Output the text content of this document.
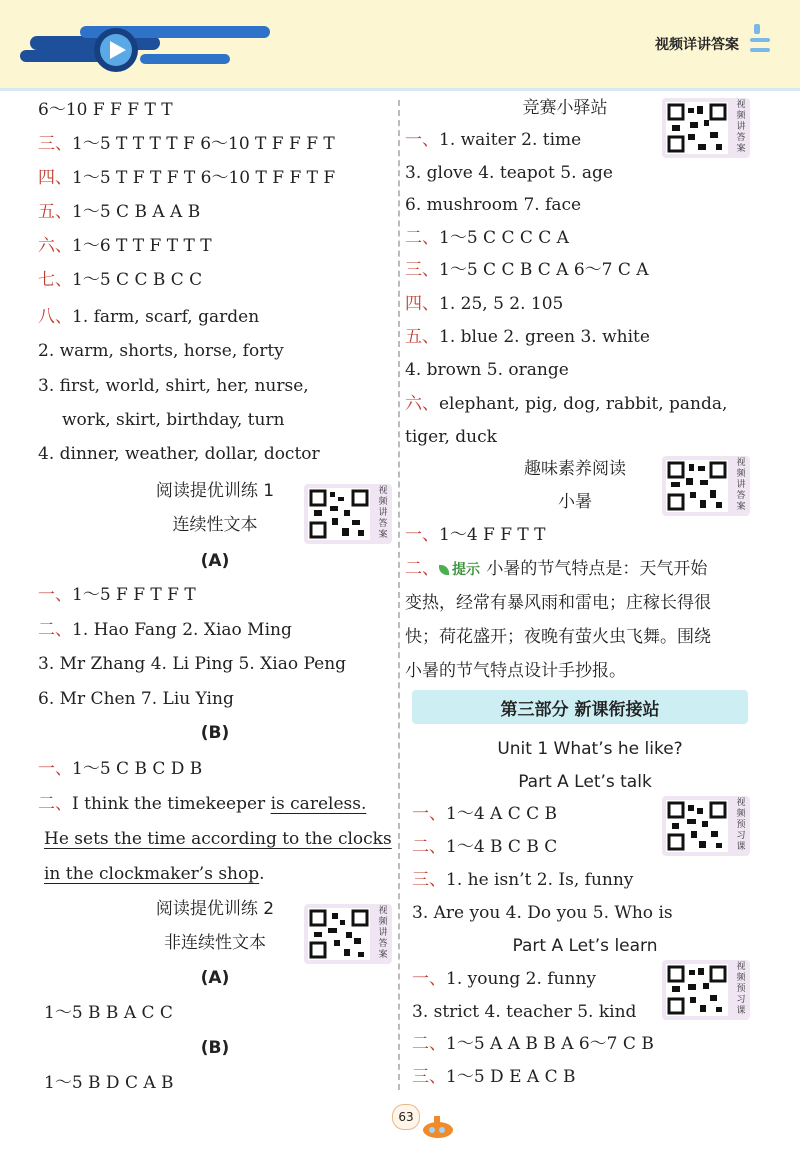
视频详讲答案
6～10 F F F T T
三、1～5 T T T T F 6～10 T F F F T
四、1～5 T F T F T 6～10 T F F T F
五、1～5 C B A A B
六、1～6 T T F T T T
七、1～5 C C B C C
八、1. farm, scarf, garden
2. warm, shorts, horse, forty
3. first, world, shirt, her, nurse,
work, skirt, birthday, turn
4. dinner, weather, dollar, doctor
阅读提优训练 1
连续性文本
视频讲答案
(A)
一、1～5 F F T F T
二、1. Hao Fang 2. Xiao Ming
3. Mr Zhang 4. Li Ping 5. Xiao Peng
6. Mr Chen 7. Liu Ying
(B)
一、1～5 C B C D B
二、I think the timekeeper is careless.
He sets the time according to the clocks
in the clockmaker’s shop.
阅读提优训练 2
非连续性文本
视频讲答案
(A)
1～5 B B A C C
(B)
1～5 B D C A B
竞赛小驿站	视频讲答案
一、1. waiter 2. time
3. glove 4. teapot 5. age
6. mushroom 7. face
二、1～5 C C C C A
三、1～5 C C B C A 6～7 C A
四、1. 25, 5 2. 105
五、1. blue 2. green 3. white
4. brown 5. orange
六、elephant, pig, dog, rabbit, panda,
tiger, duck
趣味素养阅读
小暑
视频讲答案
一、1～4 F F T T
二、 提示 小暑的节气特点是：天气开始
变热，经常有暴风雨和雷电；庄稼长得很
快；荷花盛开；夜晚有萤火虫飞舞。围绕
小暑的节气特点设计手抄报。
第三部分 新课衔接站
Unit 1 What’s he like?
Part A Let’s talk
视频预习课
一、1～4 A C C B
二、1～4 B C B C
三、1. he isn’t 2. Is, funny
3. Are you 4. Do you 5. Who is
Part A Let’s learn
视频预习课
一、1. young 2. funny
3. strict 4. teacher 5. kind
二、1～5 A A B B A 6～7 C B
三、1～5 D E A C B
63
